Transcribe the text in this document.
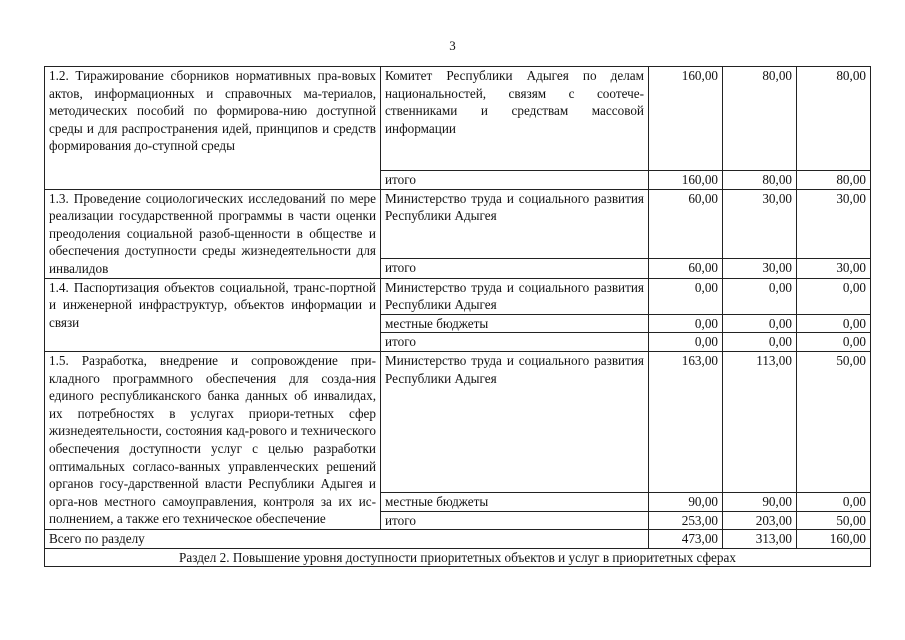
3
1.2. Тиражирование сборников нормативных пра-вовых актов, информационных и справочных ма-териалов, методических пособий по формирова-нию доступной среды и для распространения идей, принципов и средств формирования до-ступной среды	Комитет Республики Адыгея по делам национальностей, связям с соотече-ственниками и средствам массовой информации	160,00	80,00	80,00
	итого	160,00	80,00	80,00
1.3. Проведение социологических исследований по мере реализации государственной программы в части оценки преодоления социальной разоб-щенности в обществе и обеспечения доступности среды жизнедеятельности для инвалидов	Министерство труда и социального развития Республики Адыгея	60,00	30,00	30,00
	итого	60,00	30,00	30,00
1.4. Паспортизация объектов социальной, транс-портной и инженерной инфраструктур, объектов информации и связи	Министерство труда и социального развития Республики Адыгея	0,00	0,00	0,00
	местные бюджеты	0,00	0,00	0,00
	итого	0,00	0,00	0,00
1.5. Разработка, внедрение и сопровождение при-кладного программного обеспечения для созда-ния единого республиканского банка данных об инвалидах, их потребностях в услугах приори-тетных сфер жизнедеятельности, состояния кад-рового и технического обеспечения доступности услуг с целью разработки оптимальных согласо-ванных управленческих решений органов госу-дарственной власти Республики Адыгея и орга-нов местного самоуправления, контроля за их ис-полнением, а также его техническое обеспечение	Министерство труда и социального развития Республики Адыгея	163,00	113,00	50,00
	местные бюджеты	90,00	90,00	0,00
	итого	253,00	203,00	50,00
Всего по разделу		473,00	313,00	160,00
Раздел 2. Повышение уровня доступности приоритетных объектов и услуг в приоритетных сферах				
